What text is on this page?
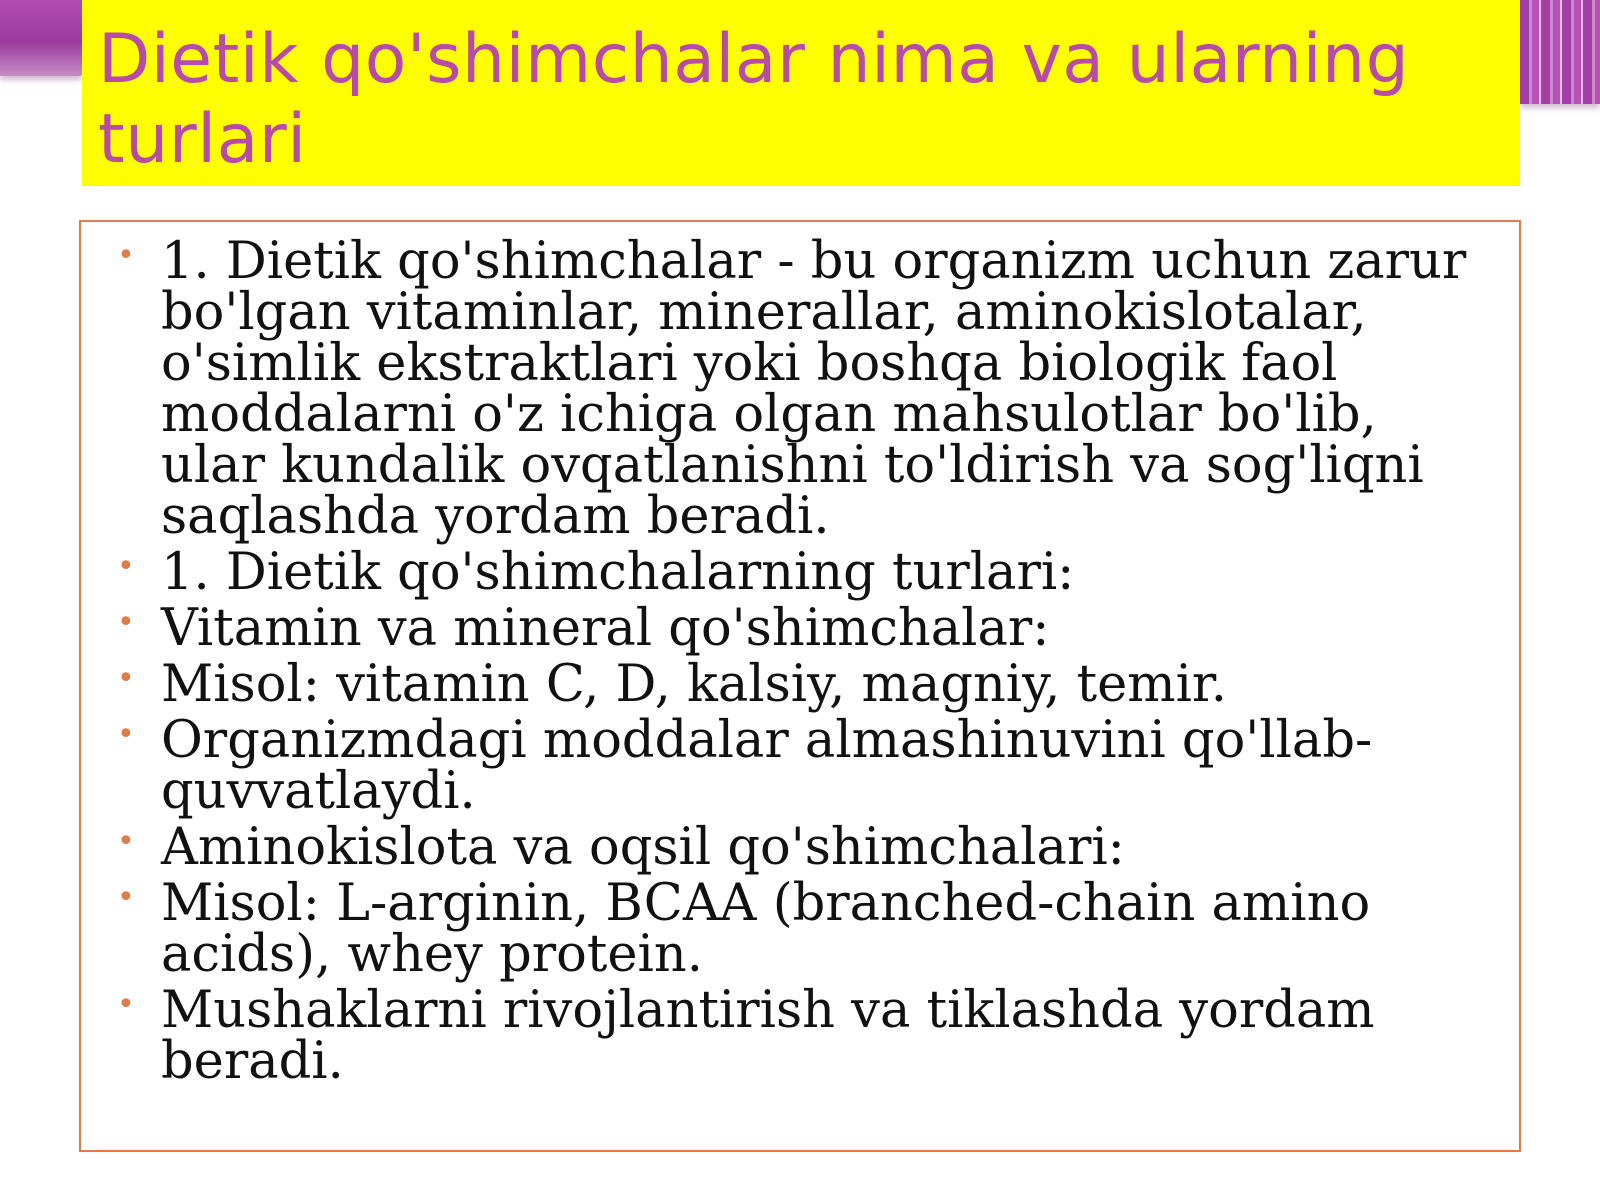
Dietik qo'shimchalar nima va ularning turlari
• 1. Dietik qo'shimchalar - bu organizm uchun zarur bo'lgan vitaminlar, minerallar, aminokislotalar, o'simlik ekstraktlari yoki boshqa biologik faol moddalarni o'z ichiga olgan mahsulotlar bo'lib, ular kundalik ovqatlanishni to'ldirish va sog'liqni saqlashda yordam beradi.
• 1. Dietik qo'shimchalarning turlari:
• Vitamin va mineral qo'shimchalar:
• Misol: vitamin C, D, kalsiy, magniy, temir.
• Organizmdagi moddalar almashinuvini qo'llab-quvvatlaydi.
• Aminokislota va oqsil qo'shimchalari:
• Misol: L-arginin, BCAA (branched-chain amino acids), whey protein.
• Mushaklarni rivojlantirish va tiklashda yordam beradi.
